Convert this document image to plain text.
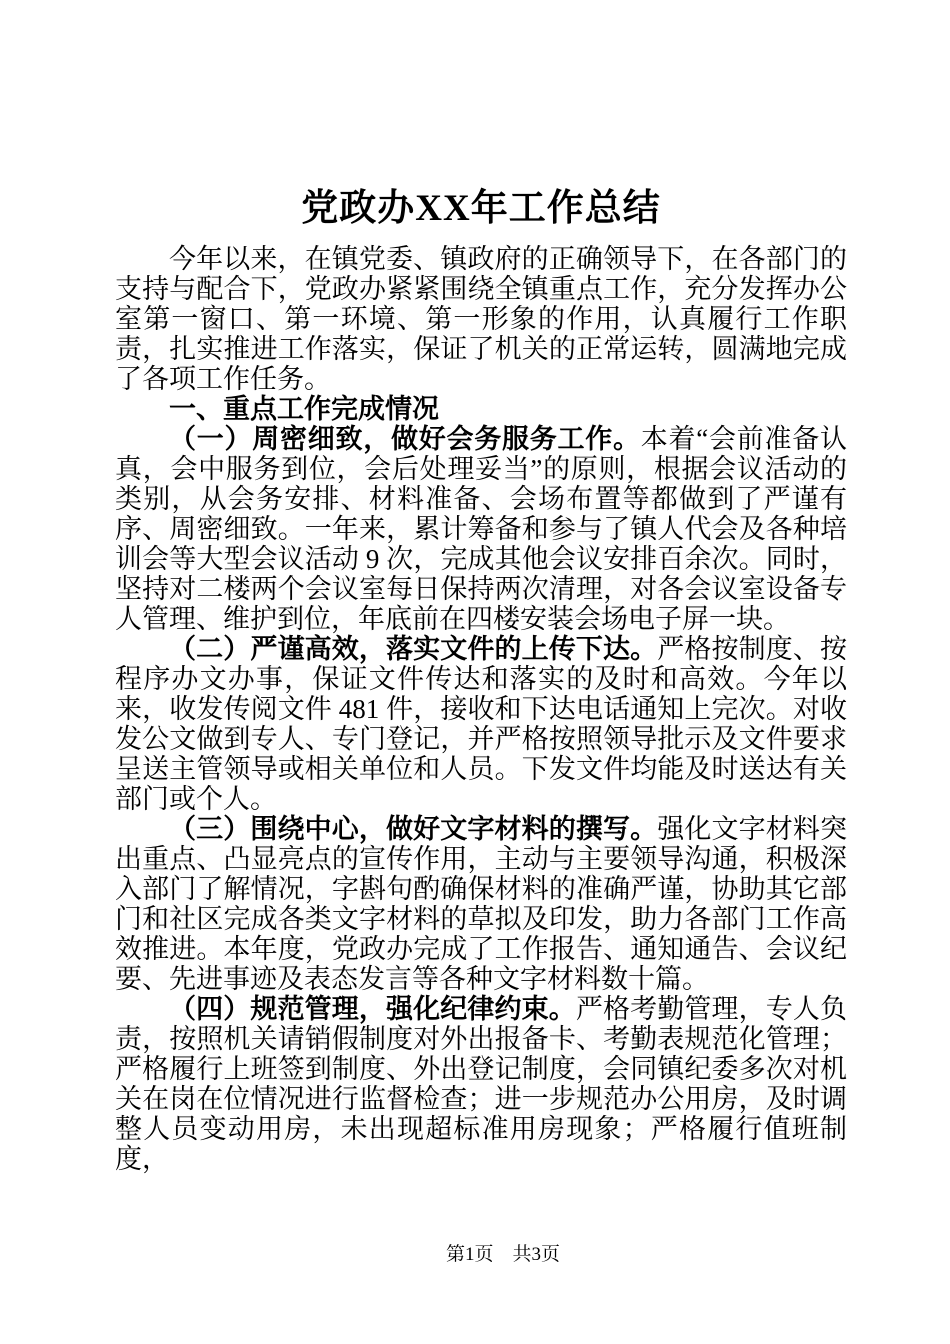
党政办XX年工作总结

今年以来，在镇党委、镇政府的正确领导下，在各部门的支持与配合下，党政办紧紧围绕全镇重点工作，充分发挥办公室第一窗口、第一环境、第一形象的作用，认真履行工作职责，扎实推进工作落实，保证了机关的正常运转，圆满地完成了各项工作任务。

一、重点工作完成情况

（一）周密细致，做好会务服务工作。本着“会前准备认真，会中服务到位，会后处理妥当”的原则，根据会议活动的类别，从会务安排、材料准备、会场布置等都做到了严谨有序、周密细致。一年来，累计筹备和参与了镇人代会及各种培训会等大型会议活动 9 次，完成其他会议安排百余次。同时，坚持对二楼两个会议室每日保持两次清理，对各会议室设备专人管理、维护到位，年底前在四楼安装会场电子屏一块。

（二）严谨高效，落实文件的上传下达。严格按制度、按程序办文办事，保证文件传达和落实的及时和高效。今年以来，收发传阅文件 481 件，接收和下达电话通知上完次。对收发公文做到专人、专门登记，并严格按照领导批示及文件要求呈送主管领导或相关单位和人员。下发文件均能及时送达有关部门或个人。

（三）围绕中心，做好文字材料的撰写。强化文字材料突出重点、凸显亮点的宣传作用，主动与主要领导沟通，积极深入部门了解情况，字斟句酌确保材料的准确严谨，协助其它部门和社区完成各类文字材料的草拟及印发，助力各部门工作高效推进。本年度，党政办完成了工作报告、通知通告、会议纪要、先进事迹及表态发言等各种文字材料数十篇。

（四）规范管理，强化纪律约束。严格考勤管理，专人负责，按照机关请销假制度对外出报备卡、考勤表规范化管理；严格履行上班签到制度、外出登记制度，会同镇纪委多次对机关在岗在位情况进行监督检查；进一步规范办公用房，及时调整人员变动用房，未出现超标准用房现象；严格履行值班制度，

第1页　共3页
